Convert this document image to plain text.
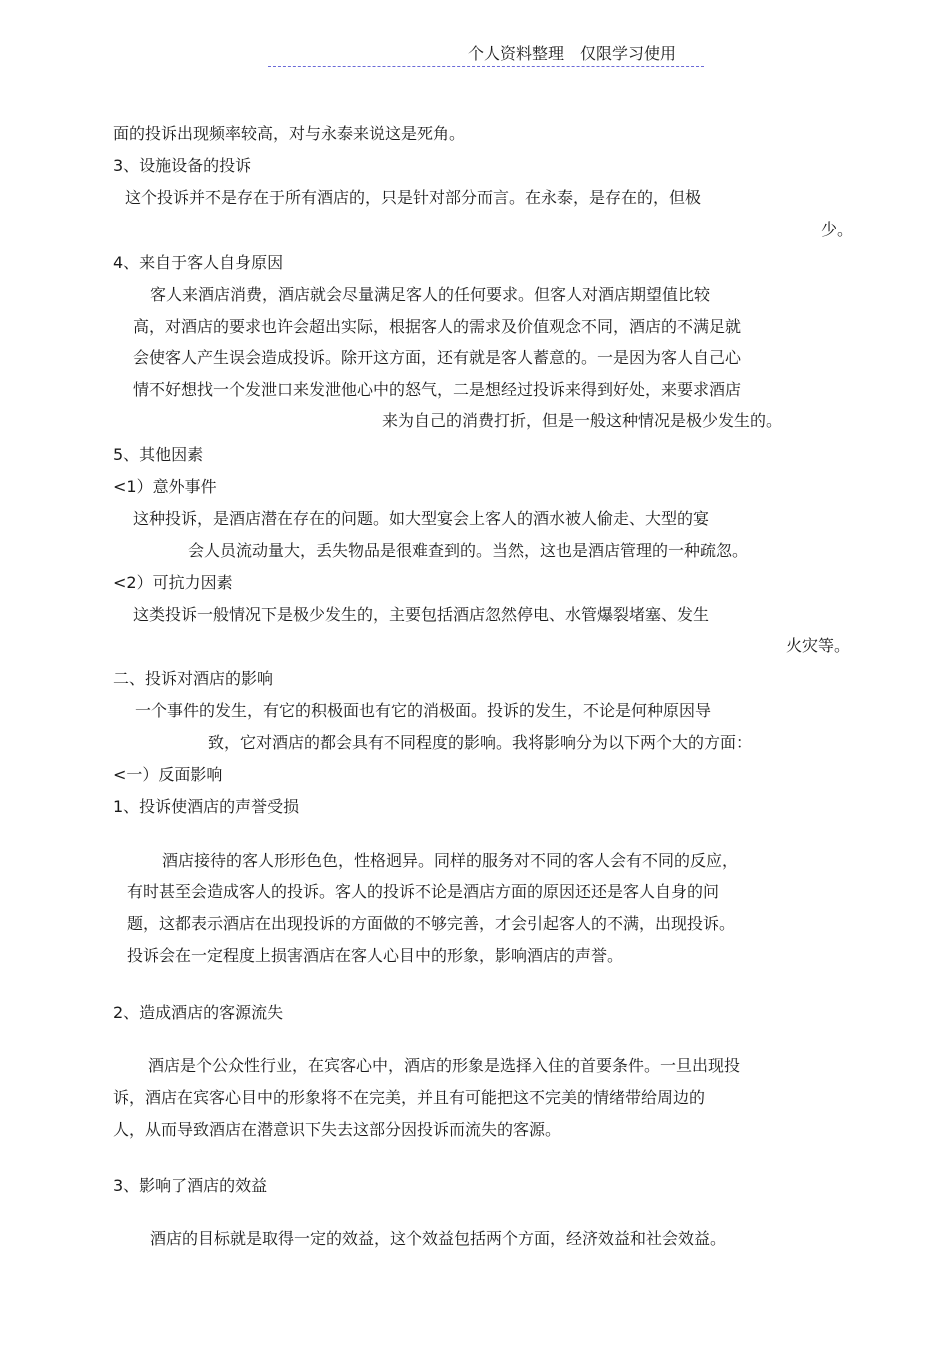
个人资料整理　仅限学习使用
面的投诉出现频率较高，对与永泰来说这是死角。
3、设施设备的投诉
这个投诉并不是存在于所有酒店的，只是针对部分而言。在永泰，是存在的，但极
少。
4、来自于客人自身原因
客人来酒店消费，酒店就会尽量满足客人的任何要求。但客人对酒店期望值比较
高，对酒店的要求也许会超出实际，根据客人的需求及价值观念不同，酒店的不满足就
会使客人产生误会造成投诉。除开这方面，还有就是客人蓄意的。一是因为客人自己心
情不好想找一个发泄口来发泄他心中的怒气，二是想经过投诉来得到好处，来要求酒店
来为自己的消费打折，但是一般这种情况是极少发生的。
5、其他因素
<1）意外事件
这种投诉，是酒店潜在存在的问题。如大型宴会上客人的酒水被人偷走、大型的宴
会人员流动量大，丢失物品是很难查到的。当然，这也是酒店管理的一种疏忽。
<2）可抗力因素
这类投诉一般情况下是极少发生的，主要包括酒店忽然停电、水管爆裂堵塞、发生
火灾等。
二、投诉对酒店的影响
一个事件的发生，有它的积极面也有它的消极面。投诉的发生，不论是何种原因导
致，它对酒店的都会具有不同程度的影响。我将影响分为以下两个大的方面：
<一）反面影响
1、投诉使酒店的声誉受损
酒店接待的客人形形色色，性格迥异。同样的服务对不同的客人会有不同的反应，
有时甚至会造成客人的投诉。客人的投诉不论是酒店方面的原因还还是客人自身的问
题，这都表示酒店在出现投诉的方面做的不够完善，才会引起客人的不满，出现投诉。
投诉会在一定程度上损害酒店在客人心目中的形象，影响酒店的声誉。
2、造成酒店的客源流失
酒店是个公众性行业，在宾客心中，酒店的形象是选择入住的首要条件。一旦出现投
诉，酒店在宾客心目中的形象将不在完美，并且有可能把这不完美的情绪带给周边的
人，从而导致酒店在潜意识下失去这部分因投诉而流失的客源。
3、影响了酒店的效益
酒店的目标就是取得一定的效益，这个效益包括两个方面，经济效益和社会效益。
